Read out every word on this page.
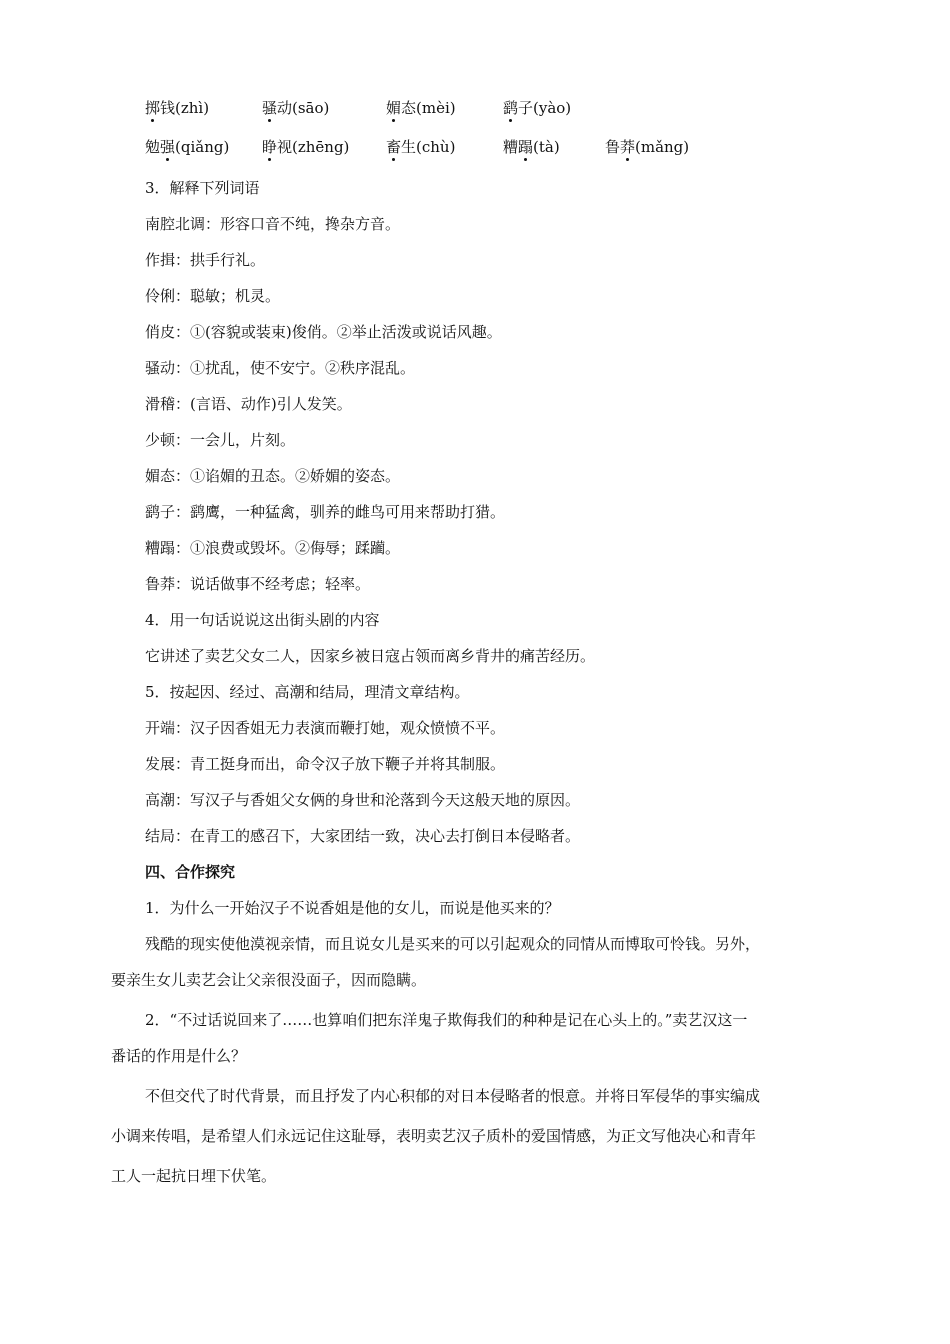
掷钱(zhì)	骚动(sāo)	媚态(mèi)	鹞子(yào)
勉强(qiǎng) 睁视(zhēng) 畜生(chù)	糟蹋(tà)	鲁莽(mǎng)
3．解释下列词语
南腔北调：形容口音不纯，搀杂方音。
作揖：拱手行礼。
伶俐：聪敏；机灵。
俏皮：①(容貌或装束)俊俏。②举止活泼或说话风趣。
骚动：①扰乱，使不安宁。②秩序混乱。
滑稽：(言语、动作)引人发笑。
少顿：一会儿，片刻。
媚态：①谄媚的丑态。②娇媚的姿态。
鹞子：鹞鹰，一种猛禽，驯养的雌鸟可用来帮助打猎。
糟蹋：①浪费或毁坏。②侮辱；蹂躏。
鲁莽：说话做事不经考虑；轻率。
4．用一句话说说这出街头剧的内容
它讲述了卖艺父女二人，因家乡被日寇占领而离乡背井的痛苦经历。
5．按起因、经过、高潮和结局，理清文章结构。
开端：汉子因香姐无力表演而鞭打她，观众愤愤不平。
发展：青工挺身而出，命令汉子放下鞭子并将其制服。
高潮：写汉子与香姐父女俩的身世和沦落到今天这般天地的原因。
结局：在青工的感召下，大家团结一致，决心去打倒日本侵略者。
四、合作探究
1．为什么一开始汉子不说香姐是他的女儿，而说是他买来的？
残酷的现实使他漠视亲情，而且说女儿是买来的可以引起观众的同情从而博取可怜钱。另外，
要亲生女儿卖艺会让父亲很没面子，因而隐瞒。
2．“不过话说回来了……也算咱们把东洋鬼子欺侮我们的种种是记在心头上的。”卖艺汉这一
番话的作用是什么？
不但交代了时代背景，而且抒发了内心积郁的对日本侵略者的恨意。并将日军侵华的事实编成
小调来传唱，是希望人们永远记住这耻辱，表明卖艺汉子质朴的爱国情感，为正文写他决心和青年
工人一起抗日埋下伏笔。
